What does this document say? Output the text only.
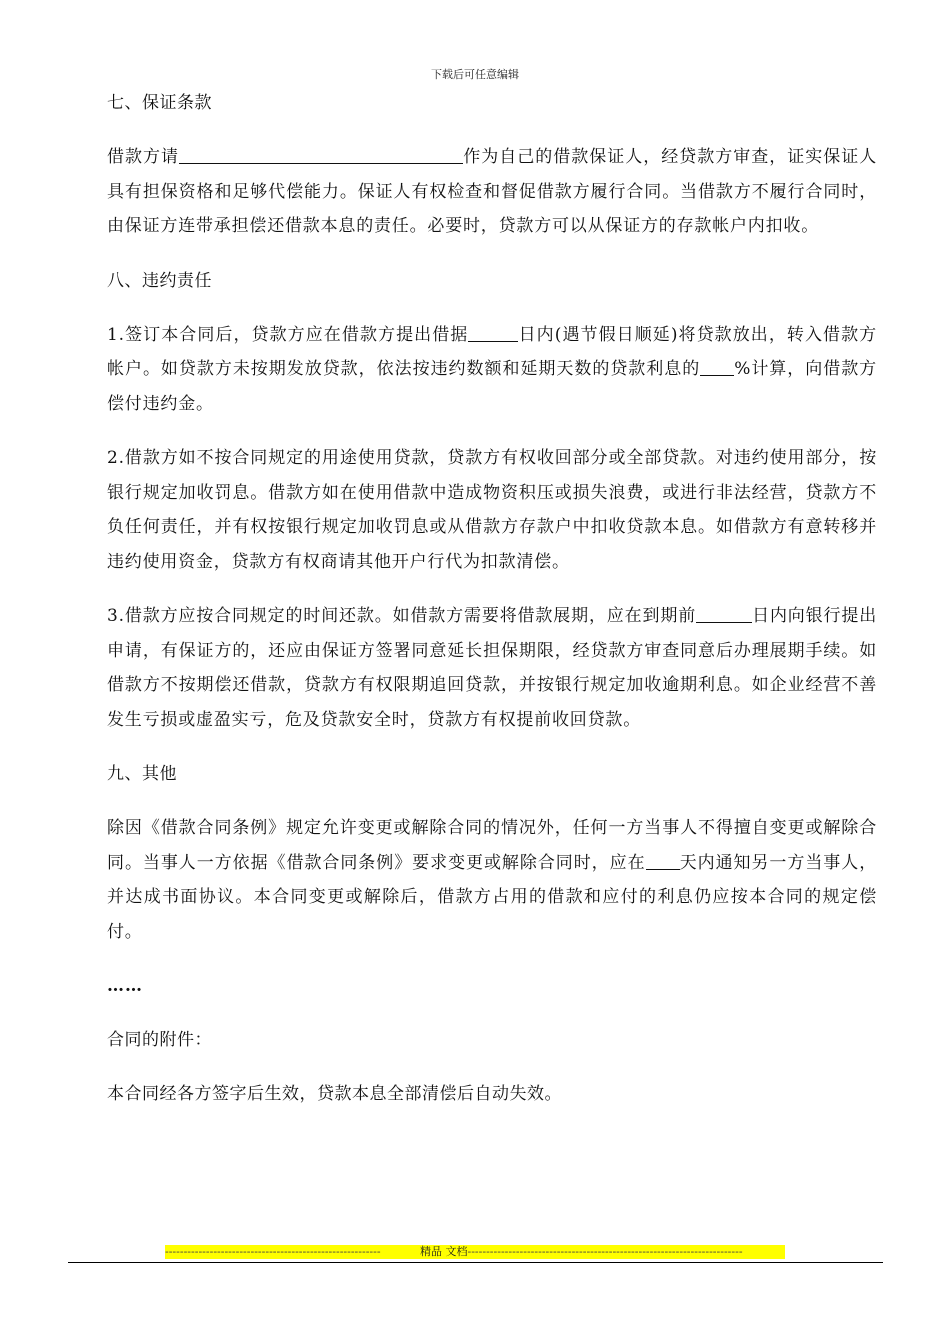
下载后可任意编辑
七、保证条款

借款方请	作为自己的借款保证人，经贷款方审查，证实保证人具有担保资格和足够代偿能力。保证人有权检查和督促借款方履行合同。当借款方不履行合同时，由保证方连带承担偿还借款本息的责任。必要时，贷款方可以从保证方的存款帐户内扣收。

八、违约责任

1.签订本合同后，贷款方应在借款方提出借据	日内(遇节假日顺延)将贷款放出，转入借款方帐户。如贷款方未按期发放贷款，依法按违约数额和延期天数的贷款利息的 %计算，向借款方偿付违约金。

2.借款方如不按合同规定的用途使用贷款，贷款方有权收回部分或全部贷款。对违约使用部分，按银行规定加收罚息。借款方如在使用借款中造成物资积压或损失浪费，或进行非法经营，贷款方不负任何责任，并有权按银行规定加收罚息或从借款方存款户中扣收贷款本息。如借款方有意转移并违约使用资金，贷款方有权商请其他开户行代为扣款清偿。

3.借款方应按合同规定的时间还款。如借款方需要将借款展期，应在到期前	日内向银行提出申请，有保证方的，还应由保证方签署同意延长担保期限，经贷款方审查同意后办理展期手续。如借款方不按期偿还借款，贷款方有权限期追回贷款，并按银行规定加收逾期利息。如企业经营不善发生亏损或虚盈实亏，危及贷款安全时，贷款方有权提前收回贷款。

九、其他

除因《借款合同条例》规定允许变更或解除合同的情况外，任何一方当事人不得擅自变更或解除合同。当事人一方依据《借款合同条例》要求变更或解除合同时，应在 天内通知另一方当事人，并达成书面协议。本合同变更或解除后，借款方占用的借款和应付的利息仍应按本合同的规定偿付。

……
合同的附件：
本合同经各方签字后生效，贷款本息全部清偿后自动失效。
----------------------------------------------------------	精品 文档--------------------------------------------------------------------------
